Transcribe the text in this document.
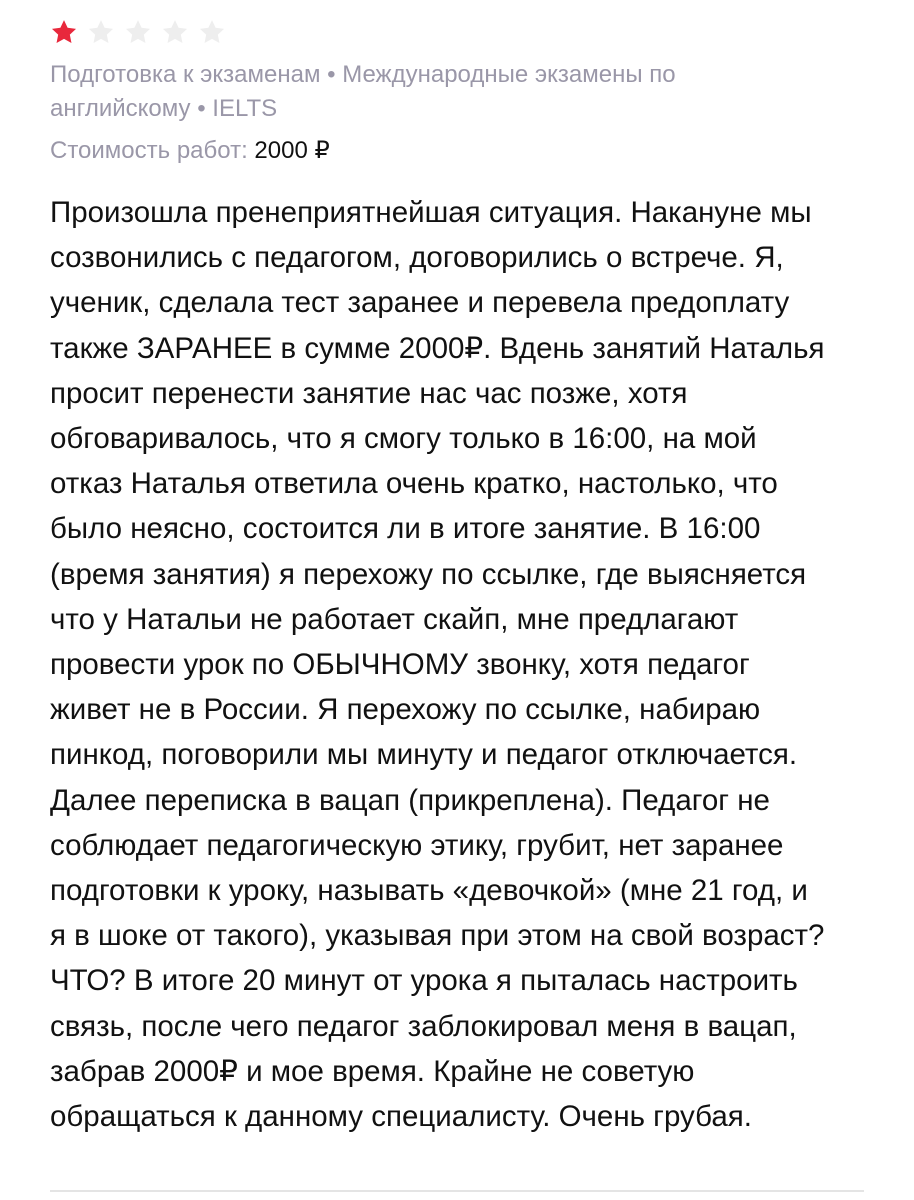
Подготовка к экзаменам • Международные экзамены по
английскому • IELTS
Стоимость работ: 2000 ₽

Произошла пренеприятнейшая ситуация. Накануне мы

созвонились с педагогом, договорились о встрече. Я,

ученик, сделала тест заранее и перевела предоплату

также ЗАРАНЕЕ в сумме 2000₽. Вдень занятий Наталья

просит перенести занятие нас час позже, хотя

обговаривалось, что я смогу только в 16:00, на мой

отказ Наталья ответила очень кратко, настолько, что

было неясно, состоится ли в итоге занятие. В 16:00

(время занятия) я перехожу по ссылке, где выясняется

что у Натальи не работает скайп, мне предлагают

провести урок по ОБЫЧНОМУ звонку, хотя педагог

живет не в России. Я перехожу по ссылке, набираю

пинкод, поговорили мы минуту и педагог отключается.

Далее переписка в вацап (прикреплена). Педагог не

соблюдает педагогическую этику, грубит, нет заранее

подготовки к уроку, называть «девочкой» (мне 21 год, и

я в шоке от такого), указывая при этом на свой возраст?

ЧТО? В итоге 20 минут от урока я пыталась настроить

связь, после чего педагог заблокировал меня в вацап,

забрав 2000₽ и мое время. Крайне не советую

обращаться к данному специалисту. Очень грубая.
